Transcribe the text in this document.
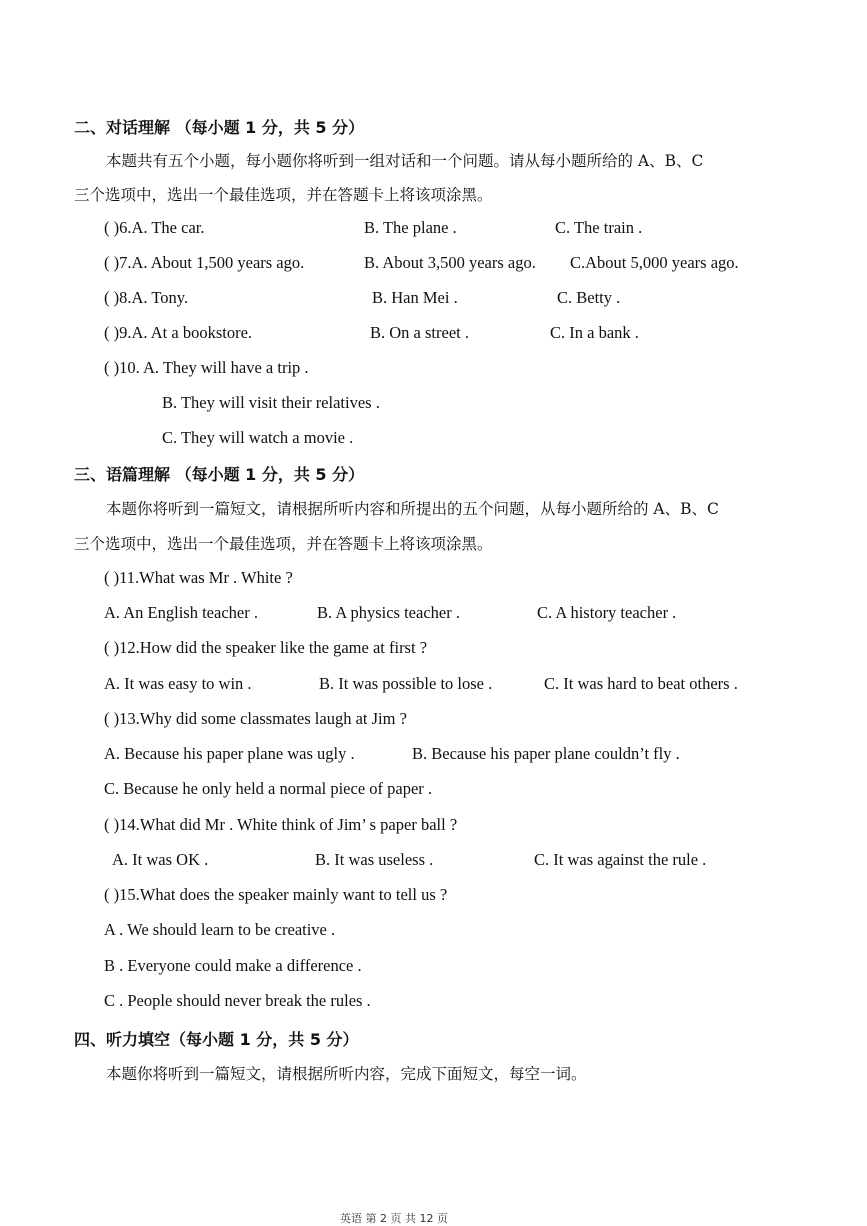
二、对话理解 （每小题 1 分，共 5 分）
本题共有五个小题，每小题你将听到一组对话和一个问题。请从每小题所给的 A、B、C
三个选项中，选出一个最佳选项，并在答题卡上将该项涂黑。
( )6.A. The car.	B. The plane .	C. The train .
( )7.A. About 1,500 years ago.	B. About 3,500 years ago. C.About 5,000 years ago.
( )8.A. Tony.	B. Han Mei .	C. Betty .
( )9.A. At a bookstore.	B. On a street .	C. In a bank .
( )10. A. They will have a trip .
B. They will visit their relatives .
C. They will watch a movie .
三、语篇理解 （每小题 1 分，共 5 分）
本题你将听到一篇短文，请根据所听内容和所提出的五个问题，从每小题所给的 A、B、C
三个选项中，选出一个最佳选项，并在答题卡上将该项涂黑。
( )11.What was Mr . White ?
A. An English teacher .	B. A physics teacher .	C. A history teacher .
( )12.How did the speaker like the game at first ?
A. It was easy to win .	B. It was possible to lose .	C. It was hard to beat others .
( )13.Why did some classmates laugh at Jim ?
A. Because his paper plane was ugly .	B. Because his paper plane couldn’t fly .
C. Because he only held a normal piece of paper .
( )14.What did Mr . White think of Jim’ s paper ball ?
A. It was OK .	B. It was useless .	C. It was against the rule .
( )15.What does the speaker mainly want to tell us ?
A . We should learn to be creative .
B . Everyone could make a difference .
C . People should never break the rules .
四、听力填空（每小题 1 分，共 5 分）
本题你将听到一篇短文，请根据所听内容，完成下面短文，每空一词。
英语 第 2 页 共 12 页
